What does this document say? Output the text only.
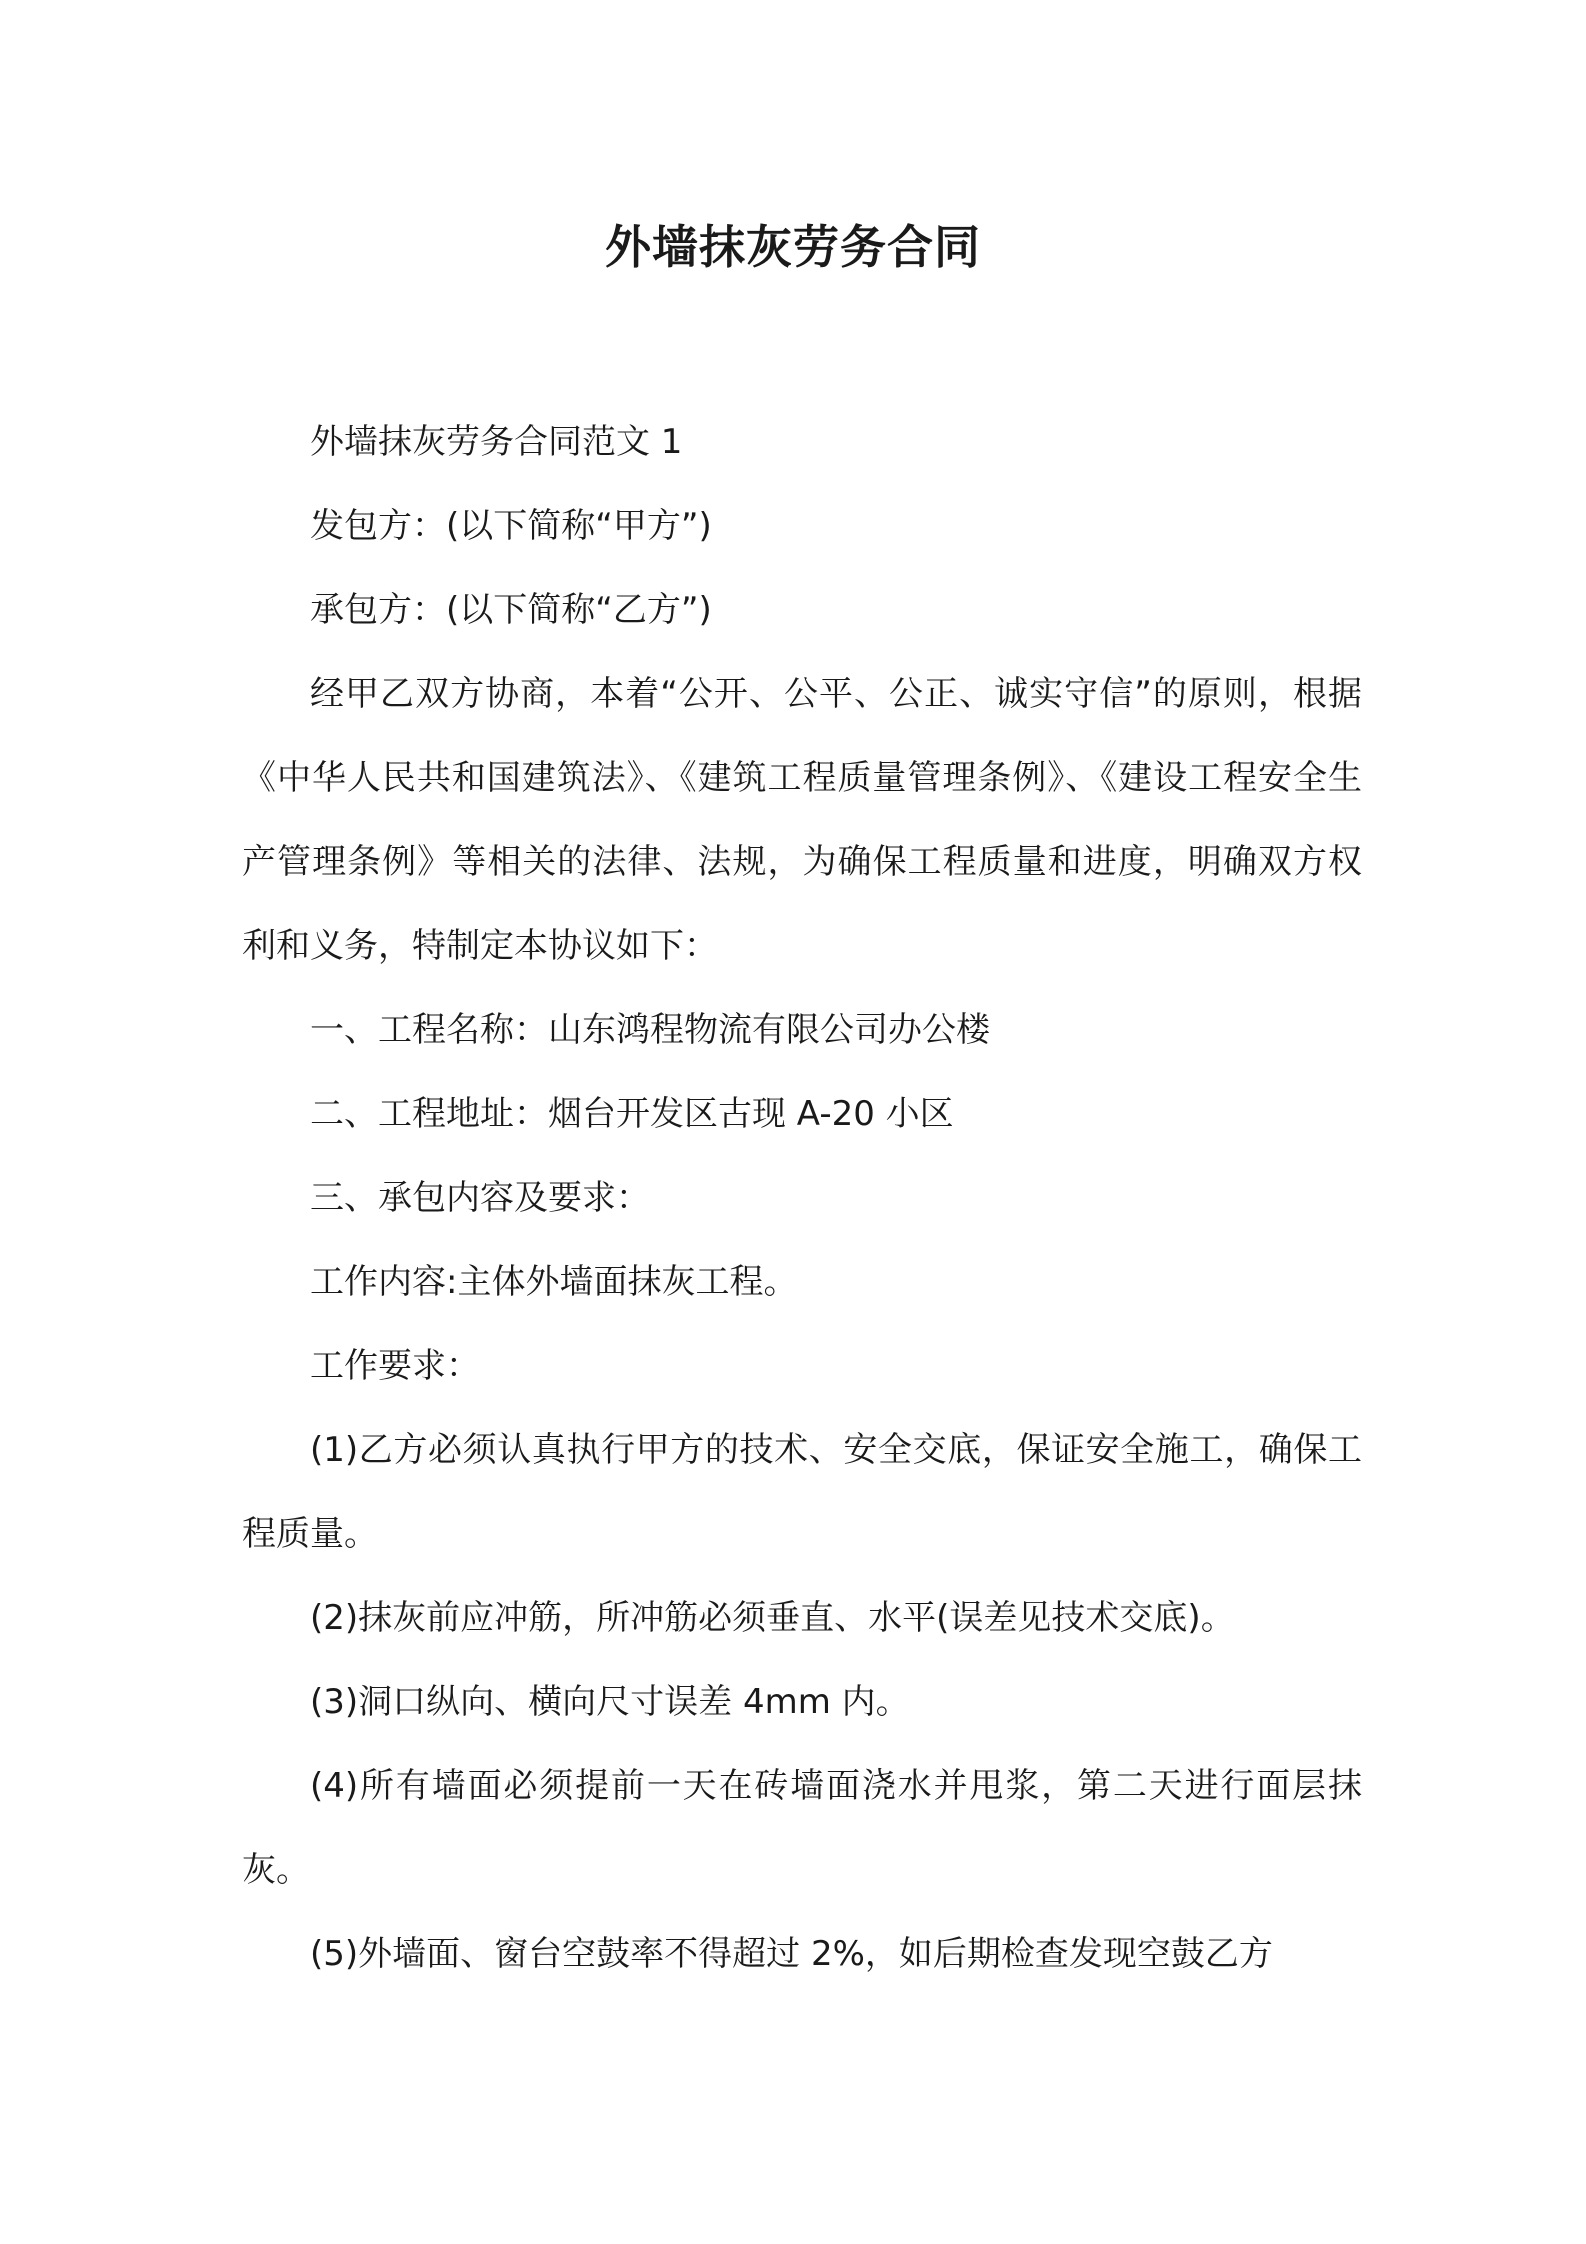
外墙抹灰劳务合同

外墙抹灰劳务合同范文 1

发包方：(以下简称“甲方”)

承包方：(以下简称“乙方”)

经甲乙双方协商，本着“公开、公平、公正、诚实守信”的原则，根据《中华人民共和国建筑法》、《建筑工程质量管理条例》、《建设工程安全生产管理条例》等相关的法律、法规，为确保工程质量和进度，明确双方权利和义务，特制定本协议如下：

一、工程名称：山东鸿程物流有限公司办公楼

二、工程地址：烟台开发区古现 A-20 小区

三、承包内容及要求：

工作内容:主体外墙面抹灰工程。

工作要求：

(1)乙方必须认真执行甲方的技术、安全交底，保证安全施工，确保工程质量。

(2)抹灰前应冲筋，所冲筋必须垂直、水平(误差见技术交底)。

(3)洞口纵向、横向尺寸误差 4mm 内。

(4)所有墙面必须提前一天在砖墙面浇水并甩浆，第二天进行面层抹灰。

(5)外墙面、窗台空鼓率不得超过 2%，如后期检查发现空鼓乙方
